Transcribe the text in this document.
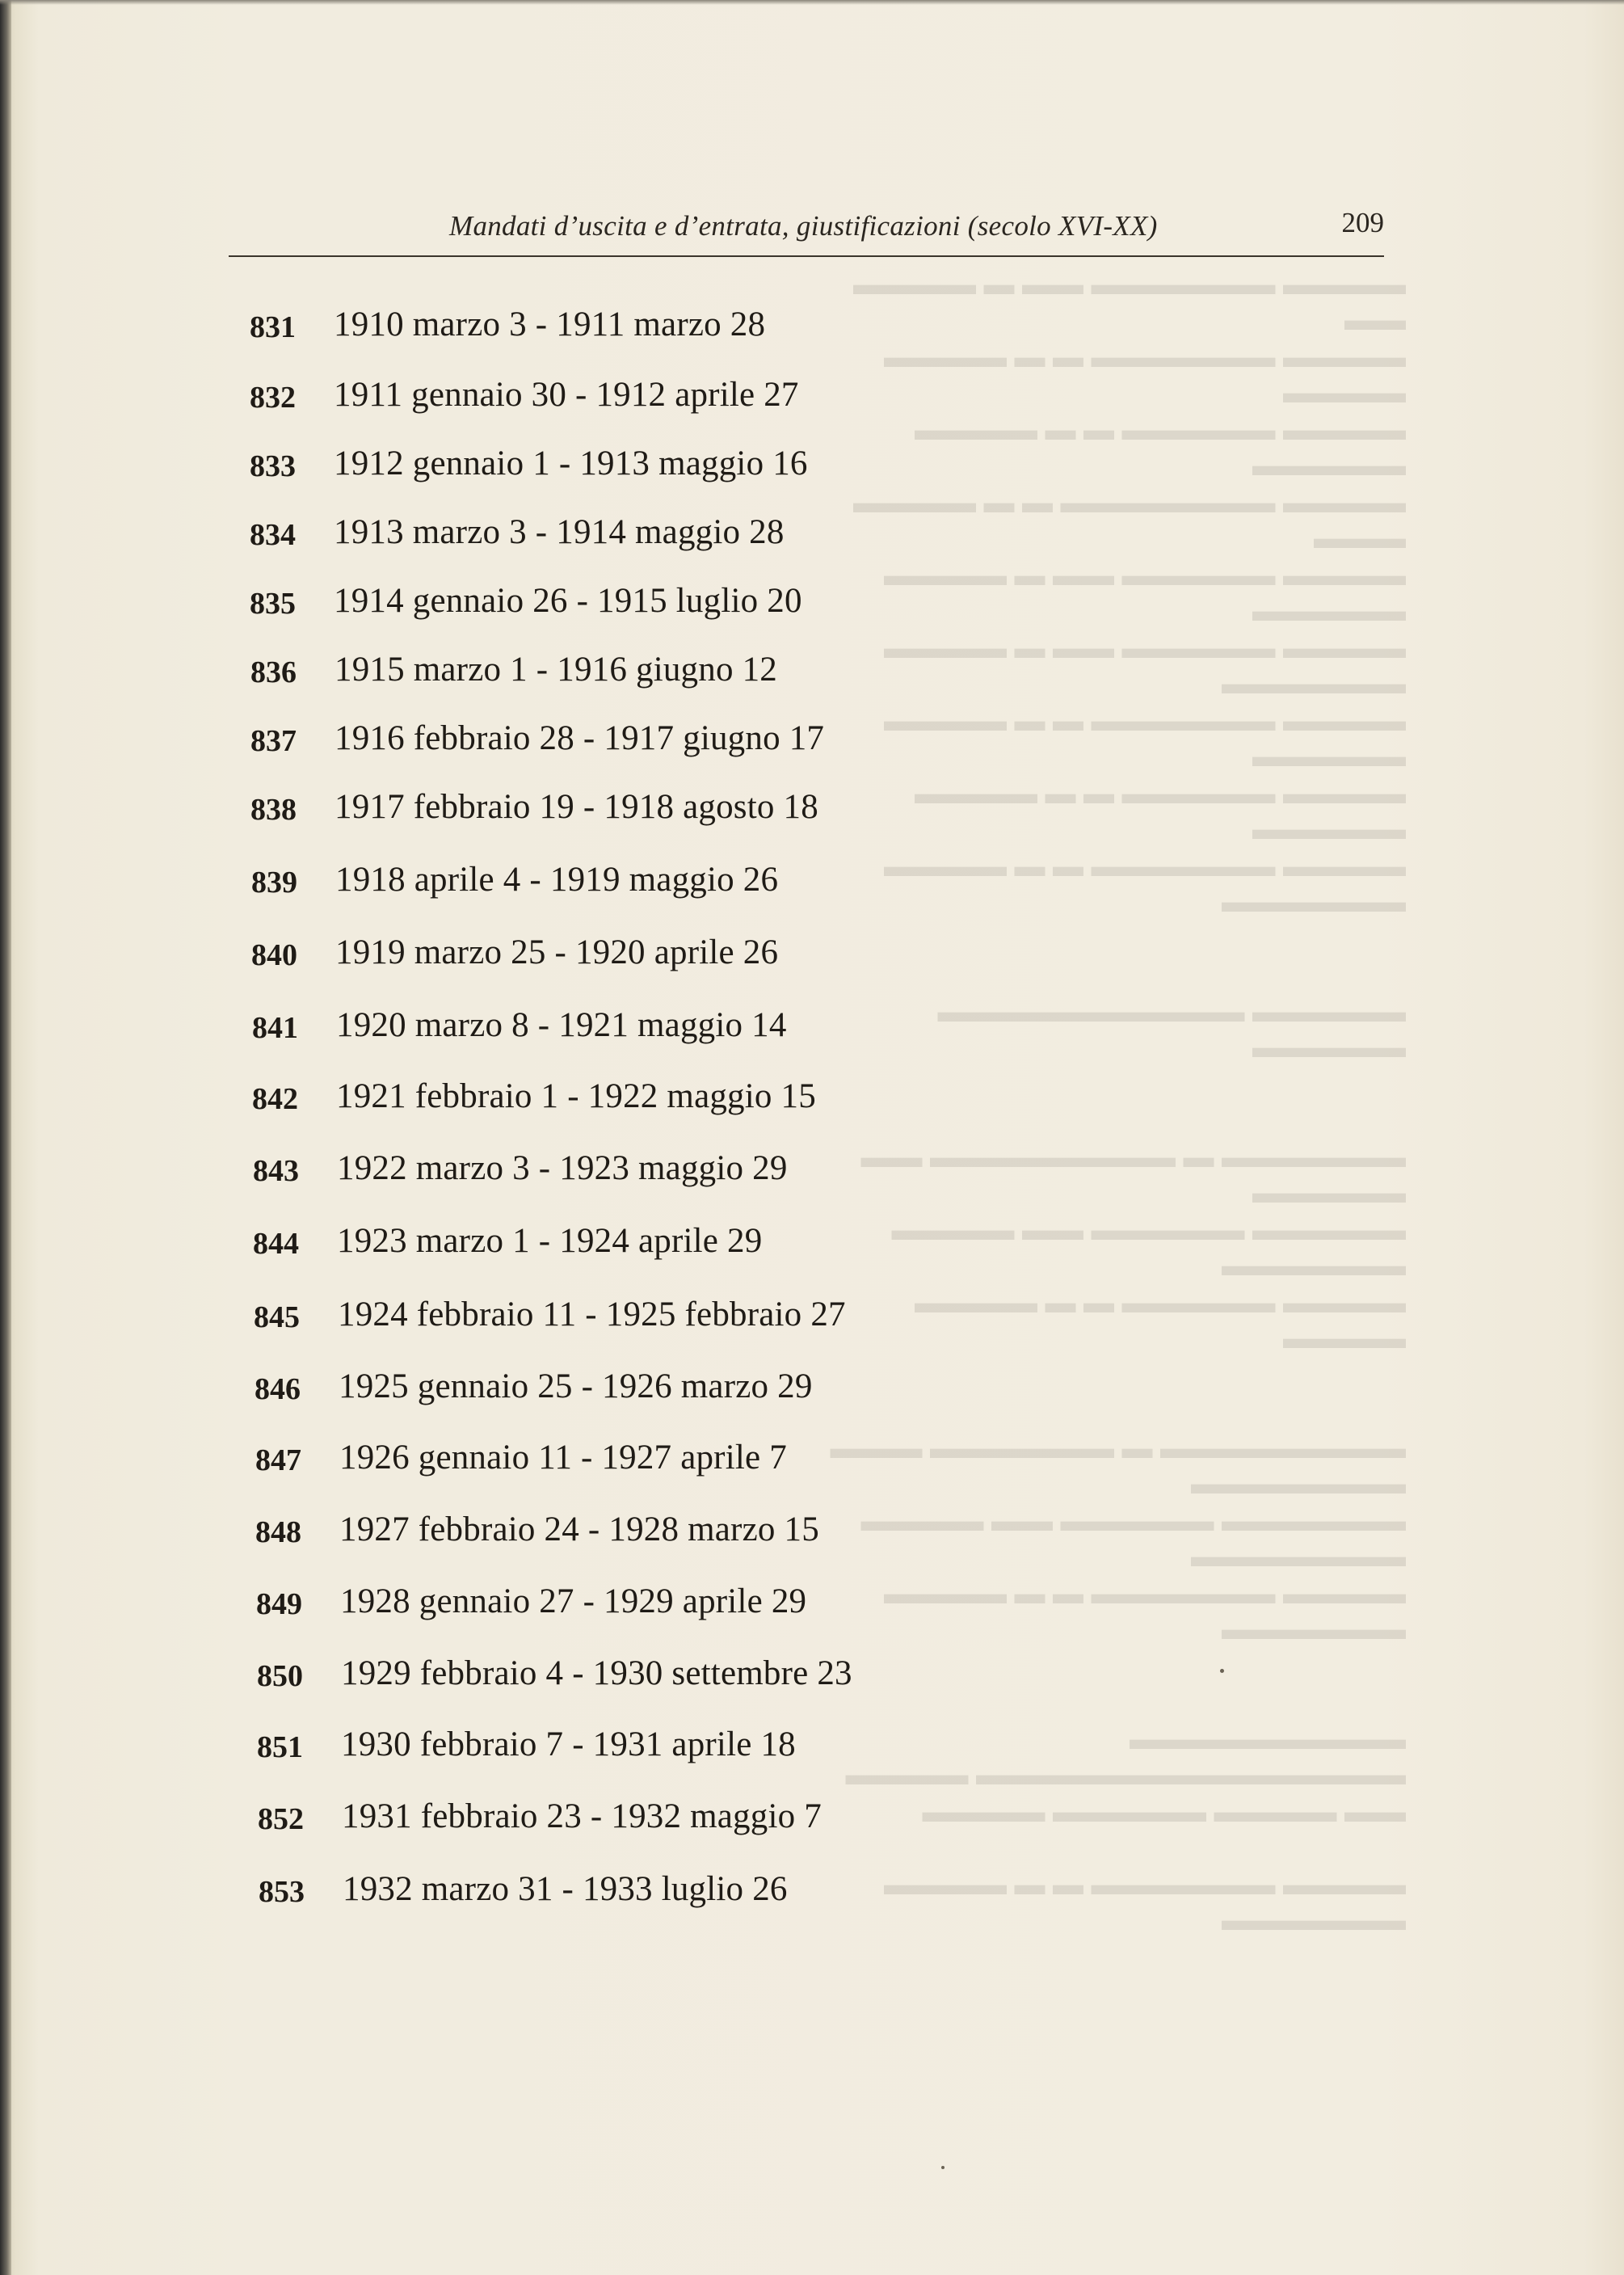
▬▬▬▬ ▬▬▬▬▬▬ ▬▬ ▬ ▬▬▬▬ ▬▬
▬▬▬▬ ▬▬▬▬▬▬ ▬ ▬ ▬▬▬▬ ▬▬▬▬
▬▬▬▬ ▬▬▬▬▬ ▬ ▬ ▬▬▬▬ ▬▬▬▬▬
▬▬▬▬ ▬▬▬▬▬▬▬ ▬ ▬ ▬▬▬▬ ▬▬▬
▬▬▬▬ ▬▬▬▬▬ ▬▬ ▬ ▬▬▬▬ ▬▬▬▬▬
▬▬▬▬ ▬▬▬▬▬ ▬▬ ▬ ▬▬▬▬ ▬▬▬▬▬▬
▬▬▬▬ ▬▬▬▬▬▬ ▬ ▬ ▬▬▬▬ ▬▬▬▬▬
▬▬▬▬ ▬▬▬▬▬ ▬ ▬ ▬▬▬▬ ▬▬▬▬▬
▬▬▬▬ ▬▬▬▬▬▬ ▬ ▬ ▬▬▬▬ ▬▬▬▬▬▬
▬▬▬▬▬ ▬▬▬▬▬▬▬▬▬▬ ▬▬▬▬▬
▬▬▬▬▬▬ ▬ ▬▬▬▬▬▬▬▬ ▬▬ ▬▬▬▬▬
▬▬▬▬▬ ▬▬▬▬▬ ▬▬ ▬▬▬▬ ▬▬▬▬▬▬
▬▬▬▬ ▬▬▬▬▬ ▬ ▬ ▬▬▬▬ ▬▬▬▬
▬▬▬▬▬▬▬▬ ▬ ▬▬▬▬▬▬ ▬▬▬ ▬▬▬▬▬▬▬
▬▬▬▬▬▬ ▬▬▬▬▬ ▬▬ ▬▬▬▬ ▬▬▬▬▬▬▬
▬▬▬▬ ▬▬▬▬▬▬ ▬ ▬ ▬▬▬▬ ▬▬▬▬▬▬
▬▬▬▬▬▬▬▬▬ ▬▬▬▬▬▬▬▬▬▬▬▬▬▬ ▬▬▬▬
▬▬ ▬▬▬▬ ▬▬▬▬▬ ▬▬▬▬
▬▬▬▬ ▬▬▬▬▬▬ ▬ ▬ ▬▬▬▬ ▬▬▬▬▬▬
Mandati d’uscita e d’entrata, giustificazioni (secolo XVI-XX)	209
831	1910 marzo 3 - 1911 marzo 28
832	1911 gennaio 30 - 1912 aprile 27
833	1912 gennaio 1 - 1913 maggio 16
834	1913 marzo 3 - 1914 maggio 28
835	1914 gennaio 26 - 1915 luglio 20
836	1915 marzo 1 - 1916 giugno 12
837	1916 febbraio 28 - 1917 giugno 17
838	1917 febbraio 19 - 1918 agosto 18
839	1918 aprile 4 - 1919 maggio 26
840	1919 marzo 25 - 1920 aprile 26
841	1920 marzo 8 - 1921 maggio 14
842	1921 febbraio 1 - 1922 maggio 15
843	1922 marzo 3 - 1923 maggio 29
844	1923 marzo 1 - 1924 aprile 29
845	1924 febbraio 11 - 1925 febbraio 27
846	1925 gennaio 25 - 1926 marzo 29
847	1926 gennaio 11 - 1927 aprile 7
848	1927 febbraio 24 - 1928 marzo 15
849	1928 gennaio 27 - 1929 aprile 29
850	1929 febbraio 4 - 1930 settembre 23
851	1930 febbraio 7 - 1931 aprile 18
852	1931 febbraio 23 - 1932 maggio 7
853	1932 marzo 31 - 1933 luglio 26
